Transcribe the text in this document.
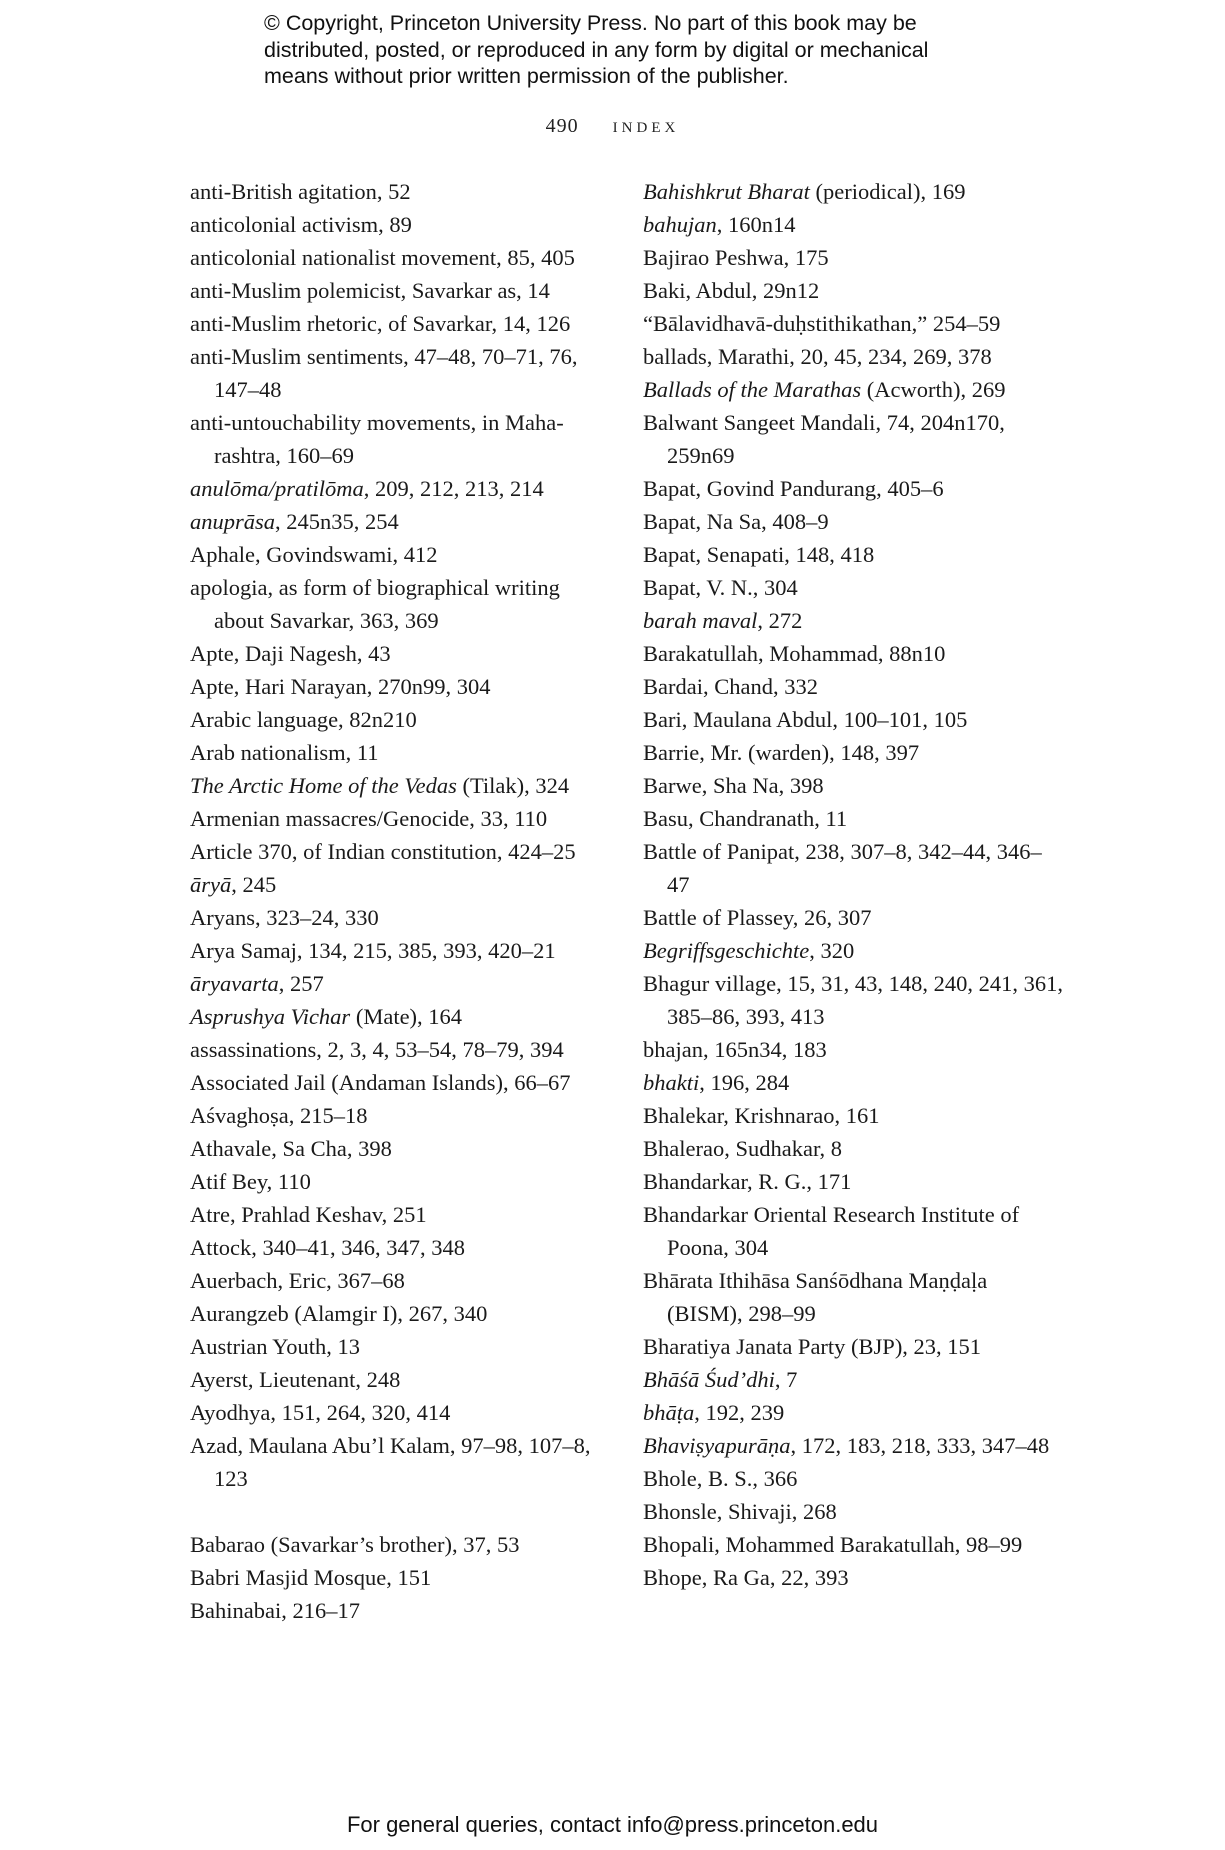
© Copyright, Princeton University Press. No part of this book may be
distributed, posted, or reproduced in any form by digital or mechanical
means without prior written permission of the publisher.
490 index
anti-British agitation, 52
anticolonial activism, 89
anticolonial nationalist movement, 85, 405
anti-Muslim polemicist, Savarkar as, 14
anti-Muslim rhetoric, of Savarkar, 14, 126
anti-Muslim sentiments, 47–48, 70–71, 76, 147–48
anti-untouchability movements, in Maharashtra, 160–69
anulōma/pratilōma, 209, 212, 213, 214
anuprāsa, 245n35, 254
Aphale, Govindswami, 412
apologia, as form of biographical writing about Savarkar, 363, 369
Apte, Daji Nagesh, 43
Apte, Hari Narayan, 270n99, 304
Arabic language, 82n210
Arab nationalism, 11
The Arctic Home of the Vedas (Tilak), 324
Armenian massacres/Genocide, 33, 110
Article 370, of Indian constitution, 424–25
āryā, 245
Aryans, 323–24, 330
Arya Samaj, 134, 215, 385, 393, 420–21
āryavarta, 257
Asprushya Vichar (Mate), 164
assassinations, 2, 3, 4, 53–54, 78–79, 394
Associated Jail (Andaman Islands), 66–67
Aśvaghoṣa, 215–18
Athavale, Sa Cha, 398
Atif Bey, 110
Atre, Prahlad Keshav, 251
Attock, 340–41, 346, 347, 348
Auerbach, Eric, 367–68
Aurangzeb (Alamgir I), 267, 340
Austrian Youth, 13
Ayerst, Lieutenant, 248
Ayodhya, 151, 264, 320, 414
Azad, Maulana Abu’l Kalam, 97–98, 107–8, 123
Babarao (Savarkar’s brother), 37, 53
Babri Masjid Mosque, 151
Bahinabai, 216–17
Bahishkrut Bharat (periodical), 169
bahujan, 160n14
Bajirao Peshwa, 175
Baki, Abdul, 29n12
“Bālavidhavā-duḥstithikathan,” 254–59
ballads, Marathi, 20, 45, 234, 269, 378
Ballads of the Marathas (Acworth), 269
Balwant Sangeet Mandali, 74, 204n170, 259n69
Bapat, Govind Pandurang, 405–6
Bapat, Na Sa, 408–9
Bapat, Senapati, 148, 418
Bapat, V. N., 304
barah maval, 272
Barakatullah, Mohammad, 88n10
Bardai, Chand, 332
Bari, Maulana Abdul, 100–101, 105
Barrie, Mr. (warden), 148, 397
Barwe, Sha Na, 398
Basu, Chandranath, 11
Battle of Panipat, 238, 307–8, 342–44, 346–47
Battle of Plassey, 26, 307
Begriffsgeschichte, 320
Bhagur village, 15, 31, 43, 148, 240, 241, 361, 385–86, 393, 413
bhajan, 165n34, 183
bhakti, 196, 284
Bhalekar, Krishnarao, 161
Bhalerao, Sudhakar, 8
Bhandarkar, R. G., 171
Bhandarkar Oriental Research Institute of Poona, 304
Bhārata Ithihāsa Sanśōdhana Maṇḍaḷa (BISM), 298–99
Bharatiya Janata Party (BJP), 23, 151
Bhāśā Śud’dhi, 7
bhāṭa, 192, 239
Bhaviṣyapurāṇa, 172, 183, 218, 333, 347–48
Bhole, B. S., 366
Bhonsle, Shivaji, 268
Bhopali, Mohammed Barakatullah, 98–99
Bhope, Ra Ga, 22, 393
For general queries, contact info@press.princeton.edu
